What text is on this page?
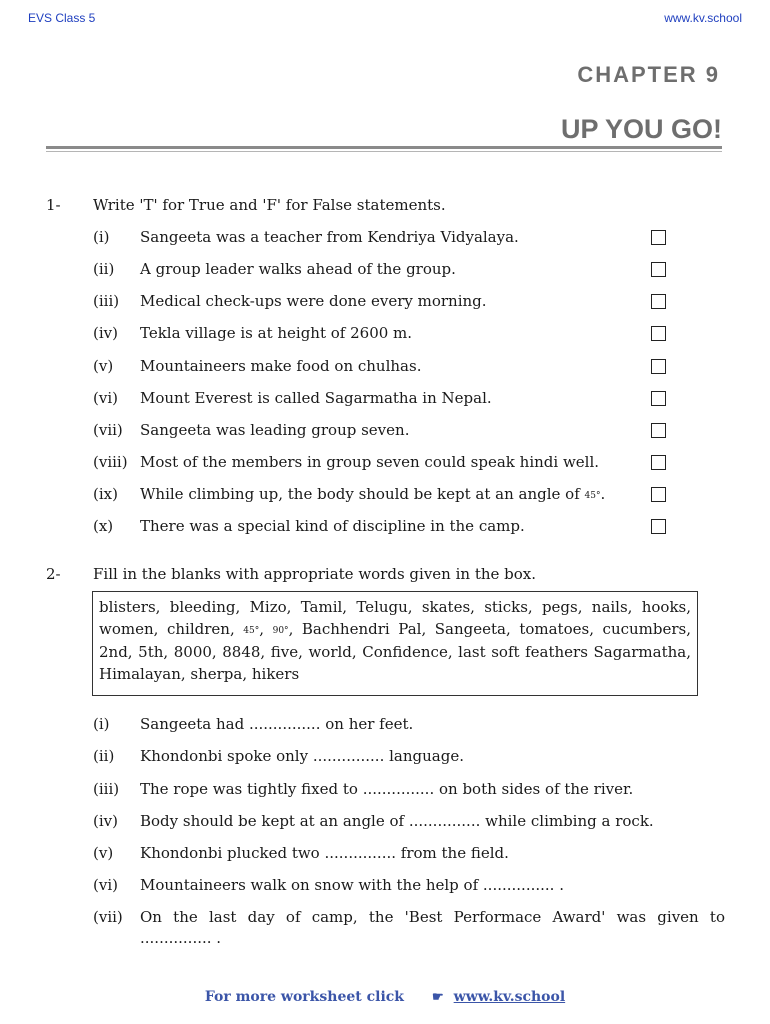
EVS Class 5	www.kv.school
CHAPTER 9
UP YOU GO!
1- Write 'T' for True and 'F' for False statements.
(i) Sangeeta was a teacher from Kendriya Vidyalaya.
(ii) A group leader walks ahead of the group.
(iii) Medical check-ups were done every morning.
(iv) Tekla village is at height of 2600 m.
(v) Mountaineers make food on chulhas.
(vi) Mount Everest is called Sagarmatha in Nepal.
(vii) Sangeeta was leading group seven.
(viii) Most of the members in group seven could speak hindi well.
(ix) While climbing up, the body should be kept at an angle of 45°.
(x) There was a special kind of discipline in the camp.
2- Fill in the blanks with appropriate words given in the box.
blisters, bleeding, Mizo, Tamil, Telugu, skates, sticks, pegs, nails, hooks, women, children, 45°, 90°, Bachhendri Pal, Sangeeta, tomatoes, cucumbers, 2nd, 5th, 8000, 8848, five, world, Confidence, last soft feathers Sagarmatha, Himalayan, sherpa, hikers
(i) Sangeeta had ............... on her feet.
(ii) Khondonbi spoke only ............... language.
(iii) The rope was tightly fixed to ............... on both sides of the river.
(iv) Body should be kept at an angle of ............... while climbing a rock.
(v) Khondonbi plucked two ............... from the field.
(vi) Mountaineers walk on snow with the help of ............... .
(vii) On the last day of camp, the 'Best Performace Award' was given to
............... .
For more worksheet click ☛ www.kv.school
